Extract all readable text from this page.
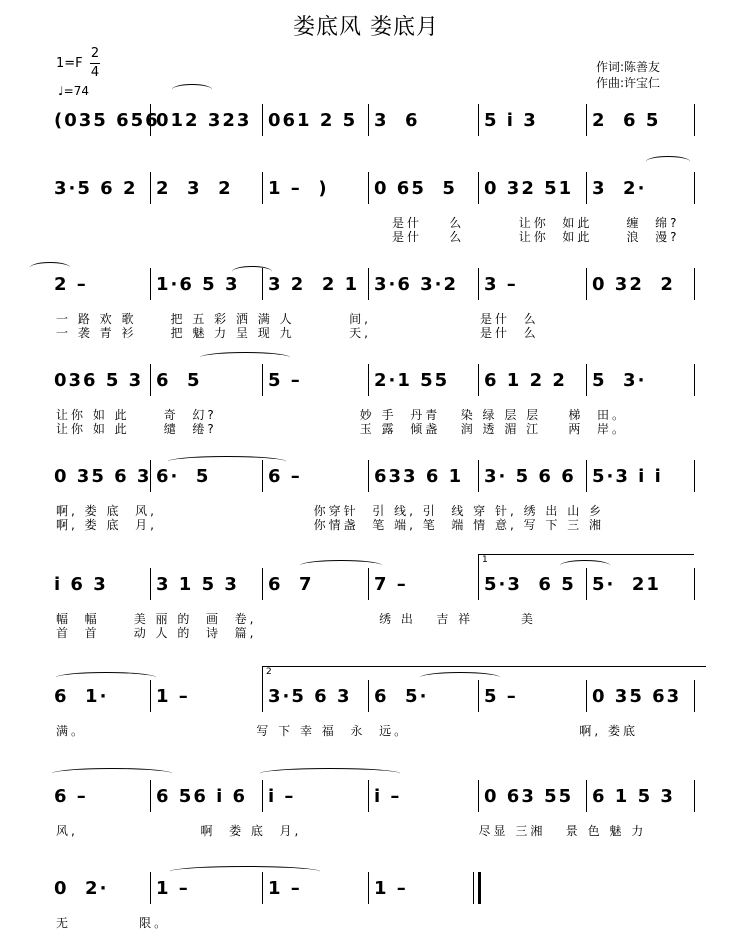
娄底风 娄底月
1=F
2
4
♩=74
作词:陈善友
作曲:许宝仁
(035 656
012 323 061 2 5 3  6	5 i 3	2  6 5
3·5 6 2 2  3  2 1 –  )	0 65  5 0 32 51 3  2·
是什    么        让你  如此     缠  绵?
是什    么        让你  如此     浪  漫?
2 –	1·6 5 3 3 2  2 1 3·6 3·2 3 –	0 32  2
一 路 欢 歌     把 五 彩 洒 满 人        间,                是什  么
一 袭 青 衫     把 魅 力 呈 现 九        天,                是什  么
036 5 3 6  5	5 –	2·1 55 6 1 2 2 5  3·
让你 如 此     奇  幻?                     妙 手  丹青   染 绿 层 层    梯  田。
让你 如 此     缱  绻?                     玉 露  倾盏   润 透 湄 江    两  岸。
0 35 6 3 6·  5	6 –	633 6 1 3· 5 6 6 5·3 i i
啊, 娄 底  风,                       你穿针  引 线, 引  线 穿 针, 绣 出 山 乡
啊, 娄 底  月,                       你情盏  笔 端, 笔  端 情 意, 写 下 三 湘
i 6 3	3 1 5 3 6  7	7 –	5·3  6 5 5·  21
1
幅  幅     美 丽 的  画  卷,                  绣 出   吉 祥       美
首  首     动 人 的  诗  篇,
6  1·	1 –	3·5 6 3 6  5·	5 –	0 35 63
2
满。                         写 下 幸 福  永  远。                         啊, 娄底
6 –	6 56 i 6 i –	i –	0 63 55 6 1 5 3
风,                  啊  娄 底  月,                          尽显 三湘   景 色 魅 力
0  2·	1 –	1 –	1 –
无          限。
